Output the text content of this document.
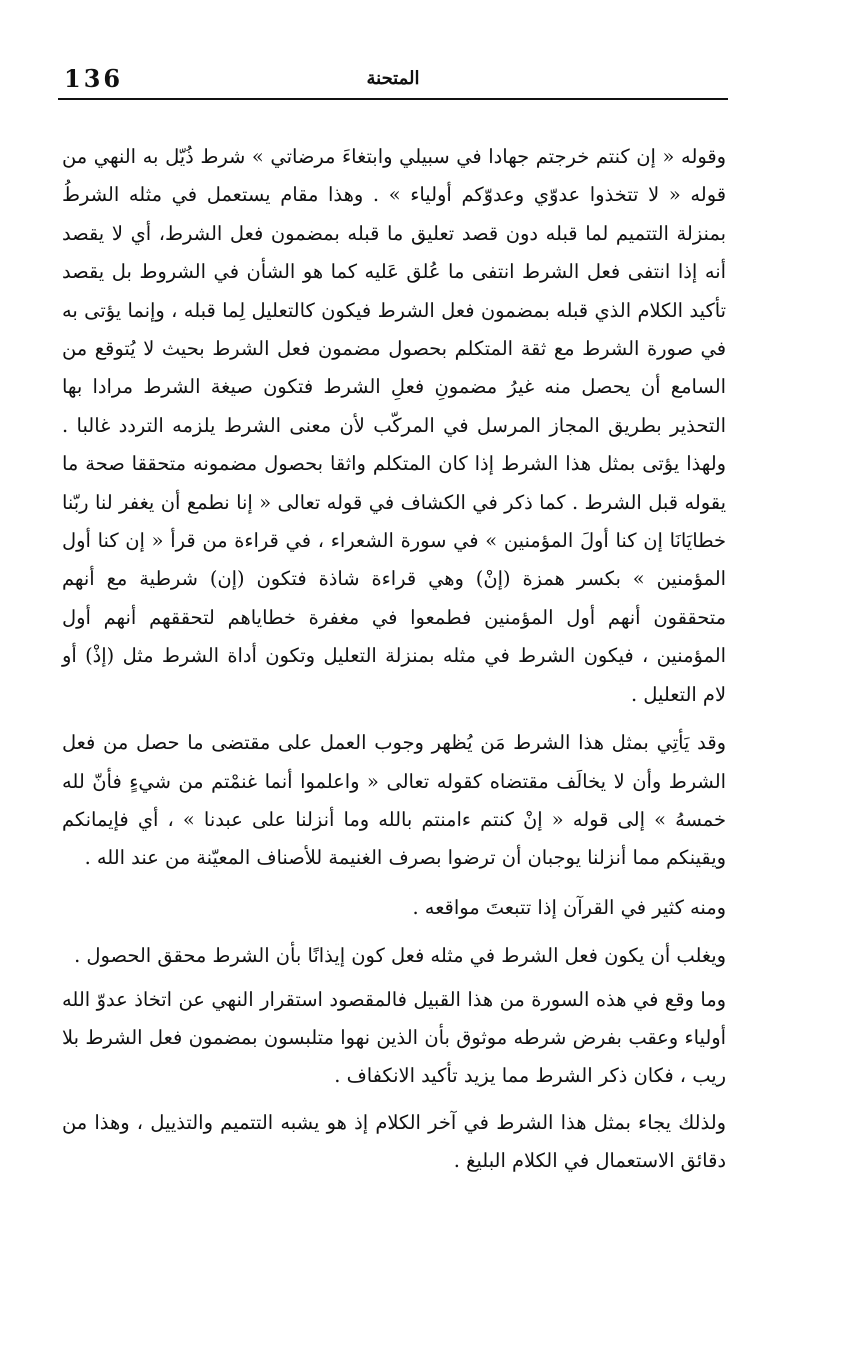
136	المتحنة

وقوله « إن كنتم خرجتم جهادا في سبيلي وابتغاءَ مرضاتي » شرط ذُيّل به النهي من قوله « لا تتخذوا عدوّي وعدوّكم أولياء » . وهذا مقام يستعمل في مثله الشرطُ بمنزلة التتميم لما قبله دون قصد تعليق ما قبله بمضمون فعل الشرط، أي لا يقصد أنه إذا انتفى فعل الشرط انتفى ما عُلق عَليه كما هو الشأن في الشروط بل يقصد تأكيد الكلام الذي قبله بمضمون فعل الشرط فيكون كالتعليل لِما قبله ، وإنما يؤتى به في صورة الشرط مع ثقة المتكلم بحصول مضمون فعل الشرط بحيث لا يُتوقع من السامع أن يحصل منه غيرُ مضمونِ فعلِ الشرط فتكون صيغة الشرط مرادا بها التحذير بطريق المجاز المرسل في المركّب لأن معنى الشرط يلزمه التردد غالبا . ولهذا يؤتى بمثل هذا الشرط إذا كان المتكلم واثقا بحصول مضمونه متحققا صحة ما يقوله قبل الشرط . كما ذكر في الكشاف في قوله تعالى « إنا نطمع أن يغفر لنا ربّنا خطايَانَا إن كنا أولَ المؤمنين » في سورة الشعراء ، في قراءة من قرأ « إن كنا أول المؤمنين » بكسر همزة (إنْ) وهي قراءة شاذة فتكون (إن) شرطية مع أنهم متحققون أنهم أول المؤمنين فطمعوا في مغفرة خطاياهم لتحققهم أنهم أول المؤمنين ، فيكون الشرط في مثله بمنزلة التعليل وتكون أداة الشرط مثل (إذْ) أو لام التعليل .

وقد يَأتِي بمثل هذا الشرط مَن يُظهر وجوب العمل على مقتضى ما حصل من فعل الشرط وأن لا يخالَف مقتضاه كقوله تعالى « واعلموا أنما غنمْتم من شيءٍ فأنّ لله خمسهُ » إلى قوله « إنْ كنتم ءامنتم بالله وما أنزلنا على عبدنا » ، أي فإيمانكم ويقينكم مما أنزلنا يوجبان أن ترضوا بصرف الغنيمة للأصناف المعيّنة من عند الله .

ومنه كثير في القرآن إذا تتبعتَ مواقعه .

ويغلب أن يكون فعل الشرط في مثله فعل كون إيذانًا بأن الشرط محقق الحصول .

وما وقع في هذه السورة من هذا القبيل فالمقصود استقرار النهي عن اتخاذ عدوّ الله أولياء وعقب بفرض شرطه موثوق بأن الذين نهوا متلبسون بمضمون فعل الشرط بلا ريب ، فكان ذكر الشرط مما يزيد تأكيد الانكفاف .

ولذلك يجاء بمثل هذا الشرط في آخر الكلام إذ هو يشبه التتميم والتذييل ، وهذا من دقائق الاستعمال في الكلام البليغ .
